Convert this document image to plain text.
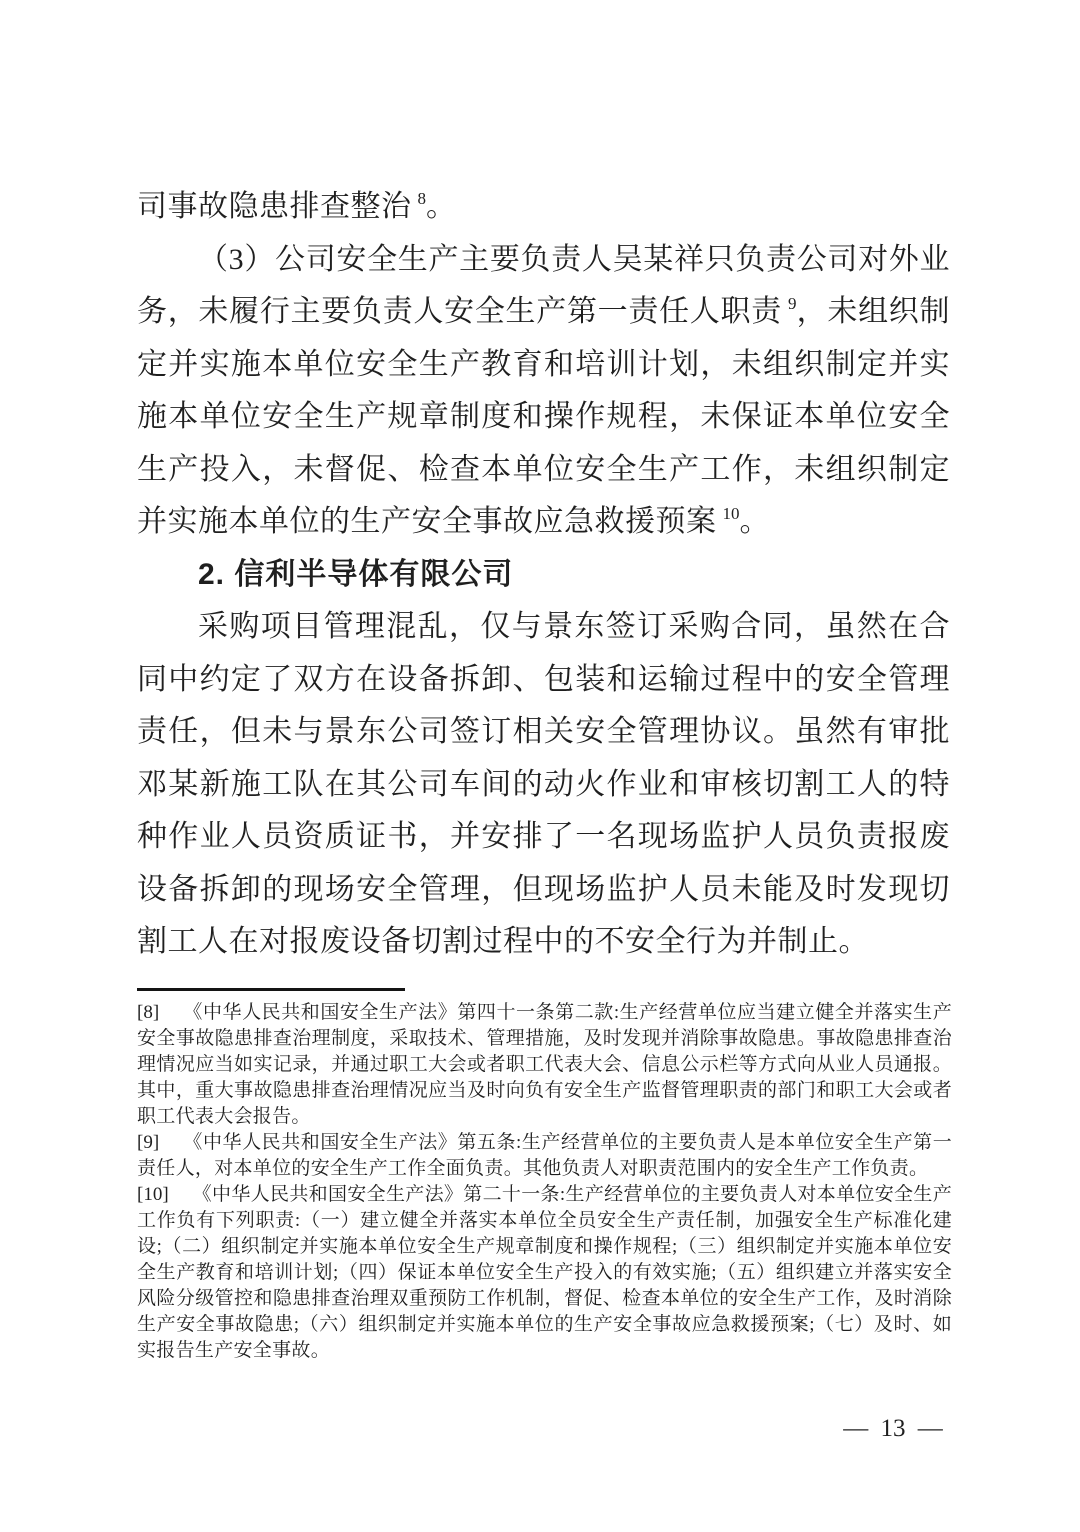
司事故隐患排查整治 $^8$。

（3）公司安全生产主要负责人吴某祥只负责公司对外业务，未履行主要负责人安全生产第一责任人职责 $^9$，未组织制定并实施本单位安全生产教育和培训计划，未组织制定并实施本单位安全生产规章制度和操作规程，未保证本单位安全生产投入，未督促、检查本单位安全生产工作，未组织制定并实施本单位的生产安全事故应急救援预案 $^{10}$。

2. 信利半导体有限公司

采购项目管理混乱，仅与景东签订采购合同，虽然在合同中约定了双方在设备拆卸、包装和运输过程中的安全管理责任，但未与景东公司签订相关安全管理协议。虽然有审批邓某新施工队在其公司车间的动火作业和审核切割工人的特种作业人员资质证书，并安排了一名现场监护人员负责报废设备拆卸的现场安全管理，但现场监护人员未能及时发现切割工人在对报废设备切割过程中的不安全行为并制止。

[8] 《中华人民共和国安全生产法》第四十一条第二款:生产经营单位应当建立健全并落实生产安全事故隐患排查治理制度，采取技术、管理措施，及时发现并消除事故隐患。事故隐患排查治理情况应当如实记录，并通过职工大会或者职工代表大会、信息公示栏等方式向从业人员通报。其中，重大事故隐患排查治理情况应当及时向负有安全生产监督管理职责的部门和职工大会或者职工代表大会报告。

[9] 《中华人民共和国安全生产法》第五条:生产经营单位的主要负责人是本单位安全生产第一责任人，对本单位的安全生产工作全面负责。其他负责人对职责范围内的安全生产工作负责。

[10] 《中华人民共和国安全生产法》第二十一条:生产经营单位的主要负责人对本单位安全生产工作负有下列职责:（一）建立健全并落实本单位全员安全生产责任制，加强安全生产标准化建设;（二）组织制定并实施本单位安全生产规章制度和操作规程;（三）组织制定并实施本单位安全生产教育和培训计划;（四）保证本单位安全生产投入的有效实施;（五）组织建立并落实安全风险分级管控和隐患排查治理双重预防工作机制，督促、检查本单位的安全生产工作，及时消除生产安全事故隐患;（六）组织制定并实施本单位的生产安全事故应急救援预案;（七）及时、如实报告生产安全事故。

— 13 —
